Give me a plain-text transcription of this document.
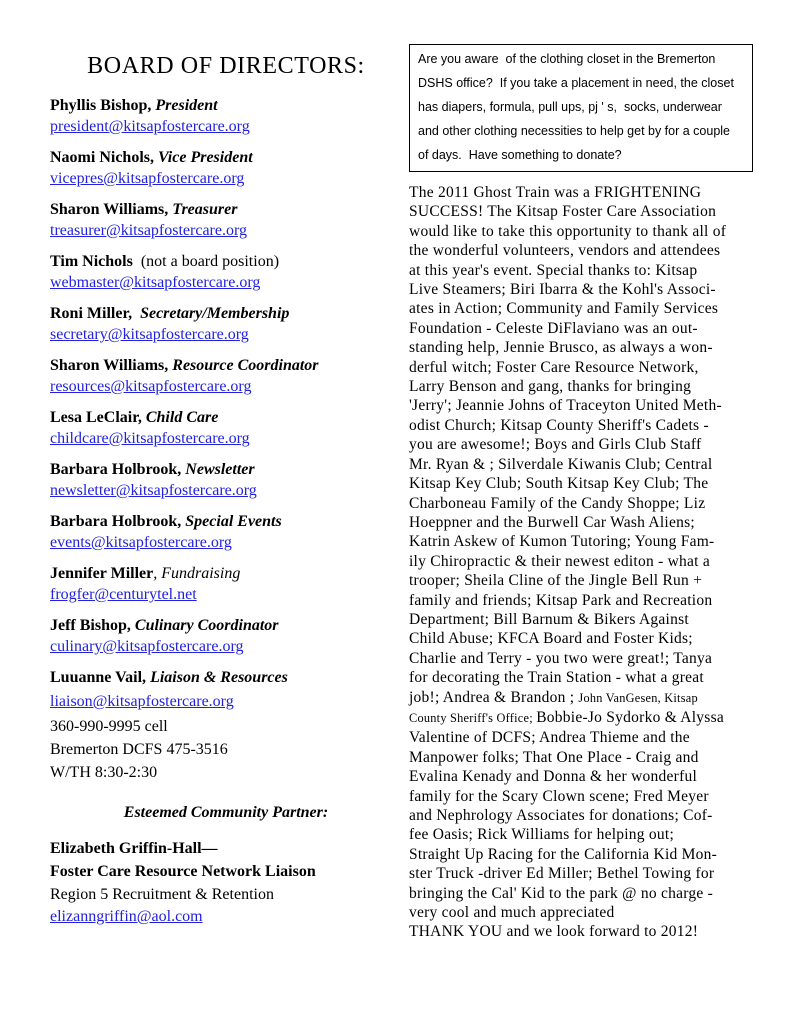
BOARD OF DIRECTORS:
Phyllis Bishop, President
president@kitsapfostercare.org
Naomi Nichols, Vice President
vicepres@kitsapfostercare.org
Sharon Williams, Treasurer
treasurer@kitsapfostercare.org
Tim Nichols  (not a board position)
webmaster@kitsapfostercare.org
Roni Miller,  Secretary/Membership
secretary@kitsapfostercare.org
Sharon Williams, Resource Coordinator
resources@kitsapfostercare.org
Lesa LeClair, Child Care
childcare@kitsapfostercare.org
Barbara Holbrook, Newsletter
newsletter@kitsapfostercare.org
Barbara Holbrook, Special Events
events@kitsapfostercare.org
Jennifer Miller, Fundraising
frogfer@centurytel.net
Jeff Bishop, Culinary Coordinator
culinary@kitsapfostercare.org
Luuanne Vail, Liaison & Resources
liaison@kitsapfostercare.org
360-990-9995 cell
Bremerton DCFS 475-3516
W/TH 8:30-2:30
Esteemed Community Partner:
Elizabeth Griffin-Hall—
Foster Care Resource Network Liaison
Region 5 Recruitment & Retention
elizanngriffin@aol.com
Are you aware  of the clothing closet in the Bremerton
DSHS office?  If you take a placement in need, the closet
has diapers, formula, pull ups, pj ' s,  socks, underwear
and other clothing necessities to help get by for a couple
of days.  Have something to donate?
The 2011 Ghost Train was a FRIGHTENING
SUCCESS! The Kitsap Foster Care Association
would like to take this opportunity to thank all of
the wonderful volunteers, vendors and attendees
at this year's event. Special thanks to: Kitsap
Live Steamers; Biri Ibarra & the Kohl's Associ-
ates in Action; Community and Family Services
Foundation - Celeste DiFlaviano was an out-
standing help, Jennie Brusco, as always a won-
derful witch; Foster Care Resource Network,
Larry Benson and gang, thanks for bringing
'Jerry'; Jeannie Johns of Traceyton United Meth-
odist Church; Kitsap County Sheriff's Cadets -
you are awesome!; Boys and Girls Club Staff
Mr. Ryan & ; Silverdale Kiwanis Club; Central
Kitsap Key Club; South Kitsap Key Club; The
Charboneau Family of the Candy Shoppe; Liz
Hoeppner and the Burwell Car Wash Aliens;
Katrin Askew of Kumon Tutoring; Young Fam-
ily Chiropractic & their newest editon - what a
trooper; Sheila Cline of the Jingle Bell Run +
family and friends; Kitsap Park and Recreation
Department; Bill Barnum & Bikers Against
Child Abuse; KFCA Board and Foster Kids;
Charlie and Terry - you two were great!; Tanya
for decorating the Train Station - what a great
job!; Andrea & Brandon ; John VanGesen, Kitsap
County Sheriff's Office; Bobbie-Jo Sydorko & Alyssa
Valentine of DCFS; Andrea Thieme and the
Manpower folks; That One Place - Craig and
Evalina Kenady and Donna & her wonderful
family for the Scary Clown scene; Fred Meyer
and Nephrology Associates for donations; Cof-
fee Oasis; Rick Williams for helping out;
Straight Up Racing for the California Kid Mon-
ster Truck -driver Ed Miller; Bethel Towing for
bringing the Cal' Kid to the park @ no charge -
very cool and much appreciated
THANK YOU and we look forward to 2012!
